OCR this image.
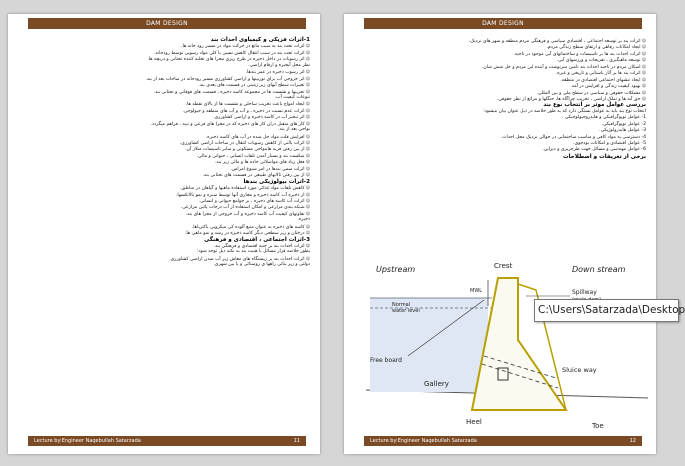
DAM DESIGN
1-اثرات فزیکی و کیمیاوی احداث بند
☺ اثرات تحت بند به سبب مانع در حرکت مواد در مسیر رود خانه ها.
☺ اثرات تحت بند در سبب انتقال کاهش نسبی یا کلی مواد رسوبی توسط رودخانه.
☺ اثر رسوبات در داخل ذخیره در طرح ریزی مجرا های تخلیه کننده تحتانی و دریچه ها.
نظر محل آبخیزه و ارقام اراضی.
☺ اثر رسوب ذخیره در عمر بندها.
☺ اثر خروجی آب برای توربینها و اراضی کشاورزی مسیر رودخانه در ساحات بعد از بند.
☺ تغییرات سطح آبهای زیر زمینی در قسمت های بعدی بند.
☺ تخریبها و نشست ها در مجموعه کاسه ذخیره ، قسمت های فوقانی و تحتانی بند.
تنوعات کیفیت آب.
☺ ایجاد امواج باعث تخریب ساحلی و نشست ها از بالای نقطه ها.
☺ اثرات عدم نسبت در ذخیره ، و آب و آب های منطقه و جیولوجی.
☺ اثر تبخیر آب در کاسه ذخیره و اراضی کشاورزی.
☺ کار های متقبل دران کار های ذخیره که در مجرا های فرعی و تبیه ، فراهم میگردد.
نواحی بعد از بند.
☺ افزایش قلت مواد حل شده در آب های کاسه ذخیره.
☺ اثرات بالنی از کاهش رسوبات انتقال در ساحات اراضی کشاورزی.
☺ از بین رفتن قریه هاینواحی مسکونی و سایر تاسیسات متلاز آن.
☺ شکست بند و بسیار آمدن تلفات انسانی ، حیوانی و مالی.
☺ فعل زیاد های مواصلاتی جاده ها و مالی زیر بند.
☺ اثرات سمی بندها در امر شیوع امراض.
☺ از بین رفتن تالابهای طبیعی در قسمت های تحتانی بند.
2-اثرات بیولوژیکی بندها
☺ کاهش تلفات مواد غذائی مورد استفاده ماهیها و گیاهان در مناطق.
☺ از ذخیره آب کاسه ذخیره و مجاری آنها توسط سبزه و نمو بالاتکسها.
☺ اثرات آب کاسه های ذخیره ، بر جوامع حیوانی و انسانی.
☺ شبکه بندی مزارعی و امکان استفاده از آب درجات پائین مزارعی.
☺ تفاوتهای کیفیت آب کاسه ذخیره و آب خروجی از مجرا های بند.
ذخیره.
☺ کاسه های ذخیره به عنوان منبع آلوده کی میکروبی باکتریاها.
☺ درختان و زیر سطحی دیگر کاسه ذخیره در رشد و نمو ماهی ها.
3-اثرات اجتماعی ، اقتصادی و فرهنگی
☺ اثرات احداث بند بر جنبه اقتصادی و فرهنگی بند.
بطور خلاصه قرار مسائل با هیبت بند به نکته ذیل توجه شود:
☺ اثرات احداث بند بر زیستگاه های معاش زیر آب شدن اراضی کشاورزی.
دولتی و زیر بنائی راهها ی روستائی و یا بین شهری.
Lecture by:Engineer Naqebullah Satarzada	11
DAM DESIGN
☺ اثرات بند بر توسعه اجتماعی ، اقتصادی سیاسی و فرهنگی مردم منطقه و شهر های نزدیک.
☺ ایجاد امکانات رفاهی و ارتقای سطح زندگی مردم.
☺ اثرات احداث بند ها بر تاسیسات و ساختمانهای آبی موجود در ناحیه.
☺ توسعه ماهیگیری ، تفریحات و ورزشهای آبی.
☺ اسکان مردم در ناحیه احداث بند تامین سرنوشت و آینده این مردم و حل شش شان.
☺ اثرات بند ها بر آثار باستانی و تاریخی و غیره.
☺ ایجاد تنشهای اجتماعی اقتصادی در منطقه.
☺ بهبود کیفیت زندگی و افزایش در آمد.
☺ مشکلات حقوقی و سیاسی در سطح ملی و بین المللی.
☺ حق آبه ها و تملک اراضی ، تخریب چراگاه ها، جنگلها و مراتع از نظر حقوقی.
بررسی عوامل موثر بر انتخاب نوع بند
انتخاب نوع بند باید به عوامل بستگی دارد که به طور خلاصه در ذیل عنوان بیان میشود:
1- عوامل توپوگرافیکی و هایدروجیولوجیکی .
2- عوامل توپوگرافیکی.
3- عوامل هایدرولوژیکی.
4- دسترسی به مواد کافی و مناسب ساختمانی در حوالی نزدیک محل احداث .
5- عوامل اقتصادی و امکانات بودجوی.
6- عوامل مهندسی و مسائل جهت طرحریزی و دیزاین.
برخی از تعریفات و اصطلاحات
Upstream	Crest	Down stream
Spillway
MWL
Normal
water level
Free board
Gallery
Sluice way
Heel	Toe
Lecture by:Engineer Naqebullah Satarzada	12
C:\Users\Satarzada\Desktop
